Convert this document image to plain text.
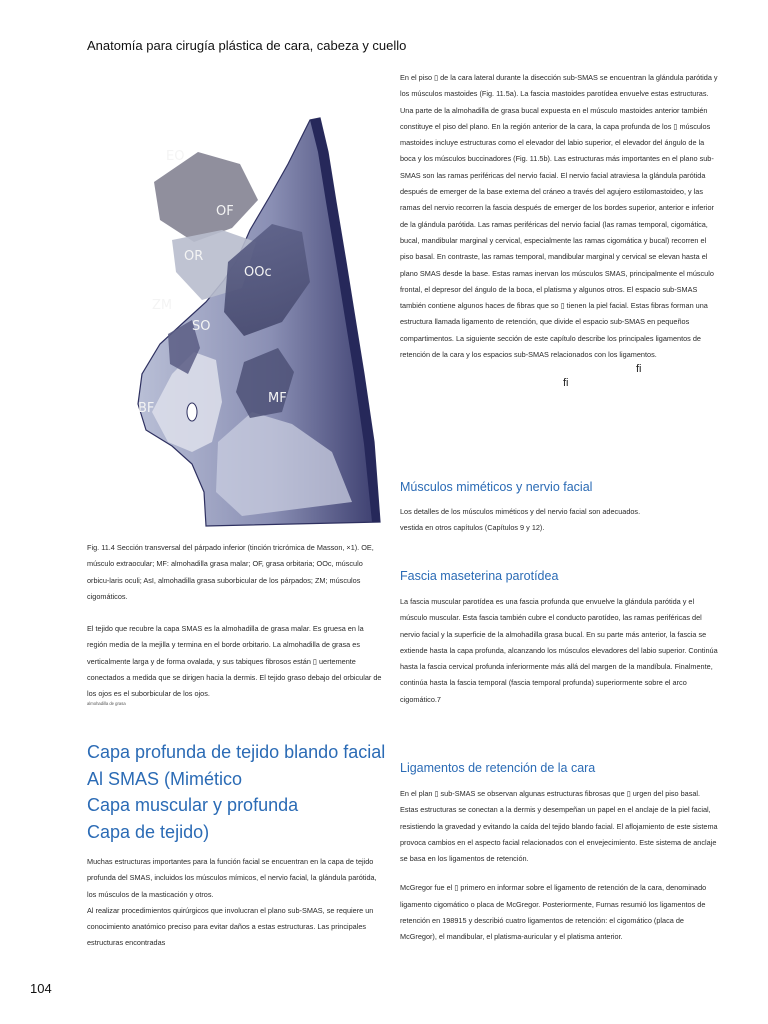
Anatomía para cirugía plástica de cara, cabeza y cuello
EO
OF
OR
OOc
ZM
SO
BF
MF

Fig. 11.4 Sección transversal del párpado inferior (tinción tricrómica de Masson, ×1). OE, músculo extraocular; MF: almohadilla grasa malar; OF, grasa orbitaria; OOc, músculo orbicu-laris oculi; AsI, almohadilla grasa suborbicular de los párpados; ZM; músculos cigomáticos.

El tejido que recubre la capa SMAS es la almohadilla de grasa malar. Es gruesa en la región media de la mejilla y termina en el borde orbitario. La almohadilla de grasa es verticalmente larga y de forma ovalada, y sus tabiques fibrosos están ▯ uertemente conectados a medida que se dirigen hacia la dermis. El tejido graso debajo del orbicular de los ojos es el suborbicular de los ojos.

almohadilla de grasa
Capa profunda de tejido blando facial
Al SMAS (Mimético
Capa muscular y profunda
Capa de tejido)

Muchas estructuras importantes para la función facial se encuentran en la capa de tejido profunda del SMAS, incluidos los músculos mímicos, el nervio facial, la glándula parótida, los músculos de la masticación y otros.

Al realizar procedimientos quirúrgicos que involucran el plano sub-SMAS, se requiere un conocimiento anatómico preciso para evitar daños a estas estructuras. Las principales estructuras encontradas

En el piso ▯ de la cara lateral durante la disección sub-SMAS se encuentran la glándula parótida y los músculos mastoides (Fig. 11.5a). La fascia mastoides parotídea envuelve estas estructuras. Una parte de la almohadilla de grasa bucal expuesta en el músculo mastoides anterior también constituye el piso del plano. En la región anterior de la cara, la capa profunda de los ▯ músculos mastoides incluye estructuras como el elevador del labio superior, el elevador del ángulo de la boca y los músculos buccinadores (Fig. 11.5b). Las estructuras más importantes en el plano sub-SMAS son las ramas periféricas del nervio facial. El nervio facial atraviesa la glándula parótida después de emerger de la base externa del cráneo a través del agujero estilomastoideo, y las ramas del nervio recorren la fascia después de emerger de los bordes superior, anterior e inferior de la glándula parótida. Las ramas periféricas del nervio facial (las ramas temporal, cigomática, bucal, mandibular marginal y cervical, especialmente las ramas cigomática y bucal) recorren el piso basal. En contraste, las ramas temporal, mandibular marginal y cervical se elevan hasta el plano SMAS desde la base. Estas ramas inervan los músculos SMAS, principalmente el músculo frontal, el depresor del ángulo de la boca, el platisma y algunos otros. El espacio sub-SMAS también contiene algunos haces de fibras que so ▯ tienen la piel facial. Estas fibras forman una estructura llamada ligamento de retención, que divide el espacio sub-SMAS en pequeños compartimentos. La siguiente sección de este capítulo describe los principales ligamentos de retención de la cara y los espacios sub-SMAS relacionados con los ligamentos.

fi
fi
Músculos miméticos y nervio facial

Los detalles de los músculos miméticos y del nervio facial son adecuados.

vestida en otros capítulos (Capítulos 9 y 12).

Fascia maseterina parotídea

La fascia muscular parotídea es una fascia profunda que envuelve la glándula parótida y el músculo muscular. Esta fascia también cubre el conducto parotídeo, las ramas periféricas del nervio facial y la superficie de la almohadilla grasa bucal. En su parte más anterior, la fascia se extiende hasta la capa profunda, alcanzando los músculos elevadores del labio superior. Continúa hasta la fascia cervical profunda inferiormente más allá del margen de la mandíbula. Finalmente, continúa hasta la fascia temporal (fascia temporal profunda) superiormente sobre el arco cigomático.7

Ligamentos de retención de la cara

En el plan ▯ sub-SMAS se observan algunas estructuras fibrosas que ▯ urgen del piso basal. Estas estructuras se conectan a la dermis y desempeñan un papel en el anclaje de la piel facial, resistiendo la gravedad y evitando la caída del tejido blando facial. El aflojamiento de este sistema provoca cambios en el aspecto facial relacionados con el envejecimiento. Este sistema de anclaje se basa en los ligamentos de retención.

McGregor fue el ▯ primero en informar sobre el ligamento de retención de la cara, denominado ligamento cigomático o placa de McGregor. Posteriormente, Furnas resumió los ligamentos de retención en 198915 y describió cuatro ligamentos de retención: el cigomático (placa de McGregor), el mandibular, el platisma-auricular y el platisma anterior.

104
